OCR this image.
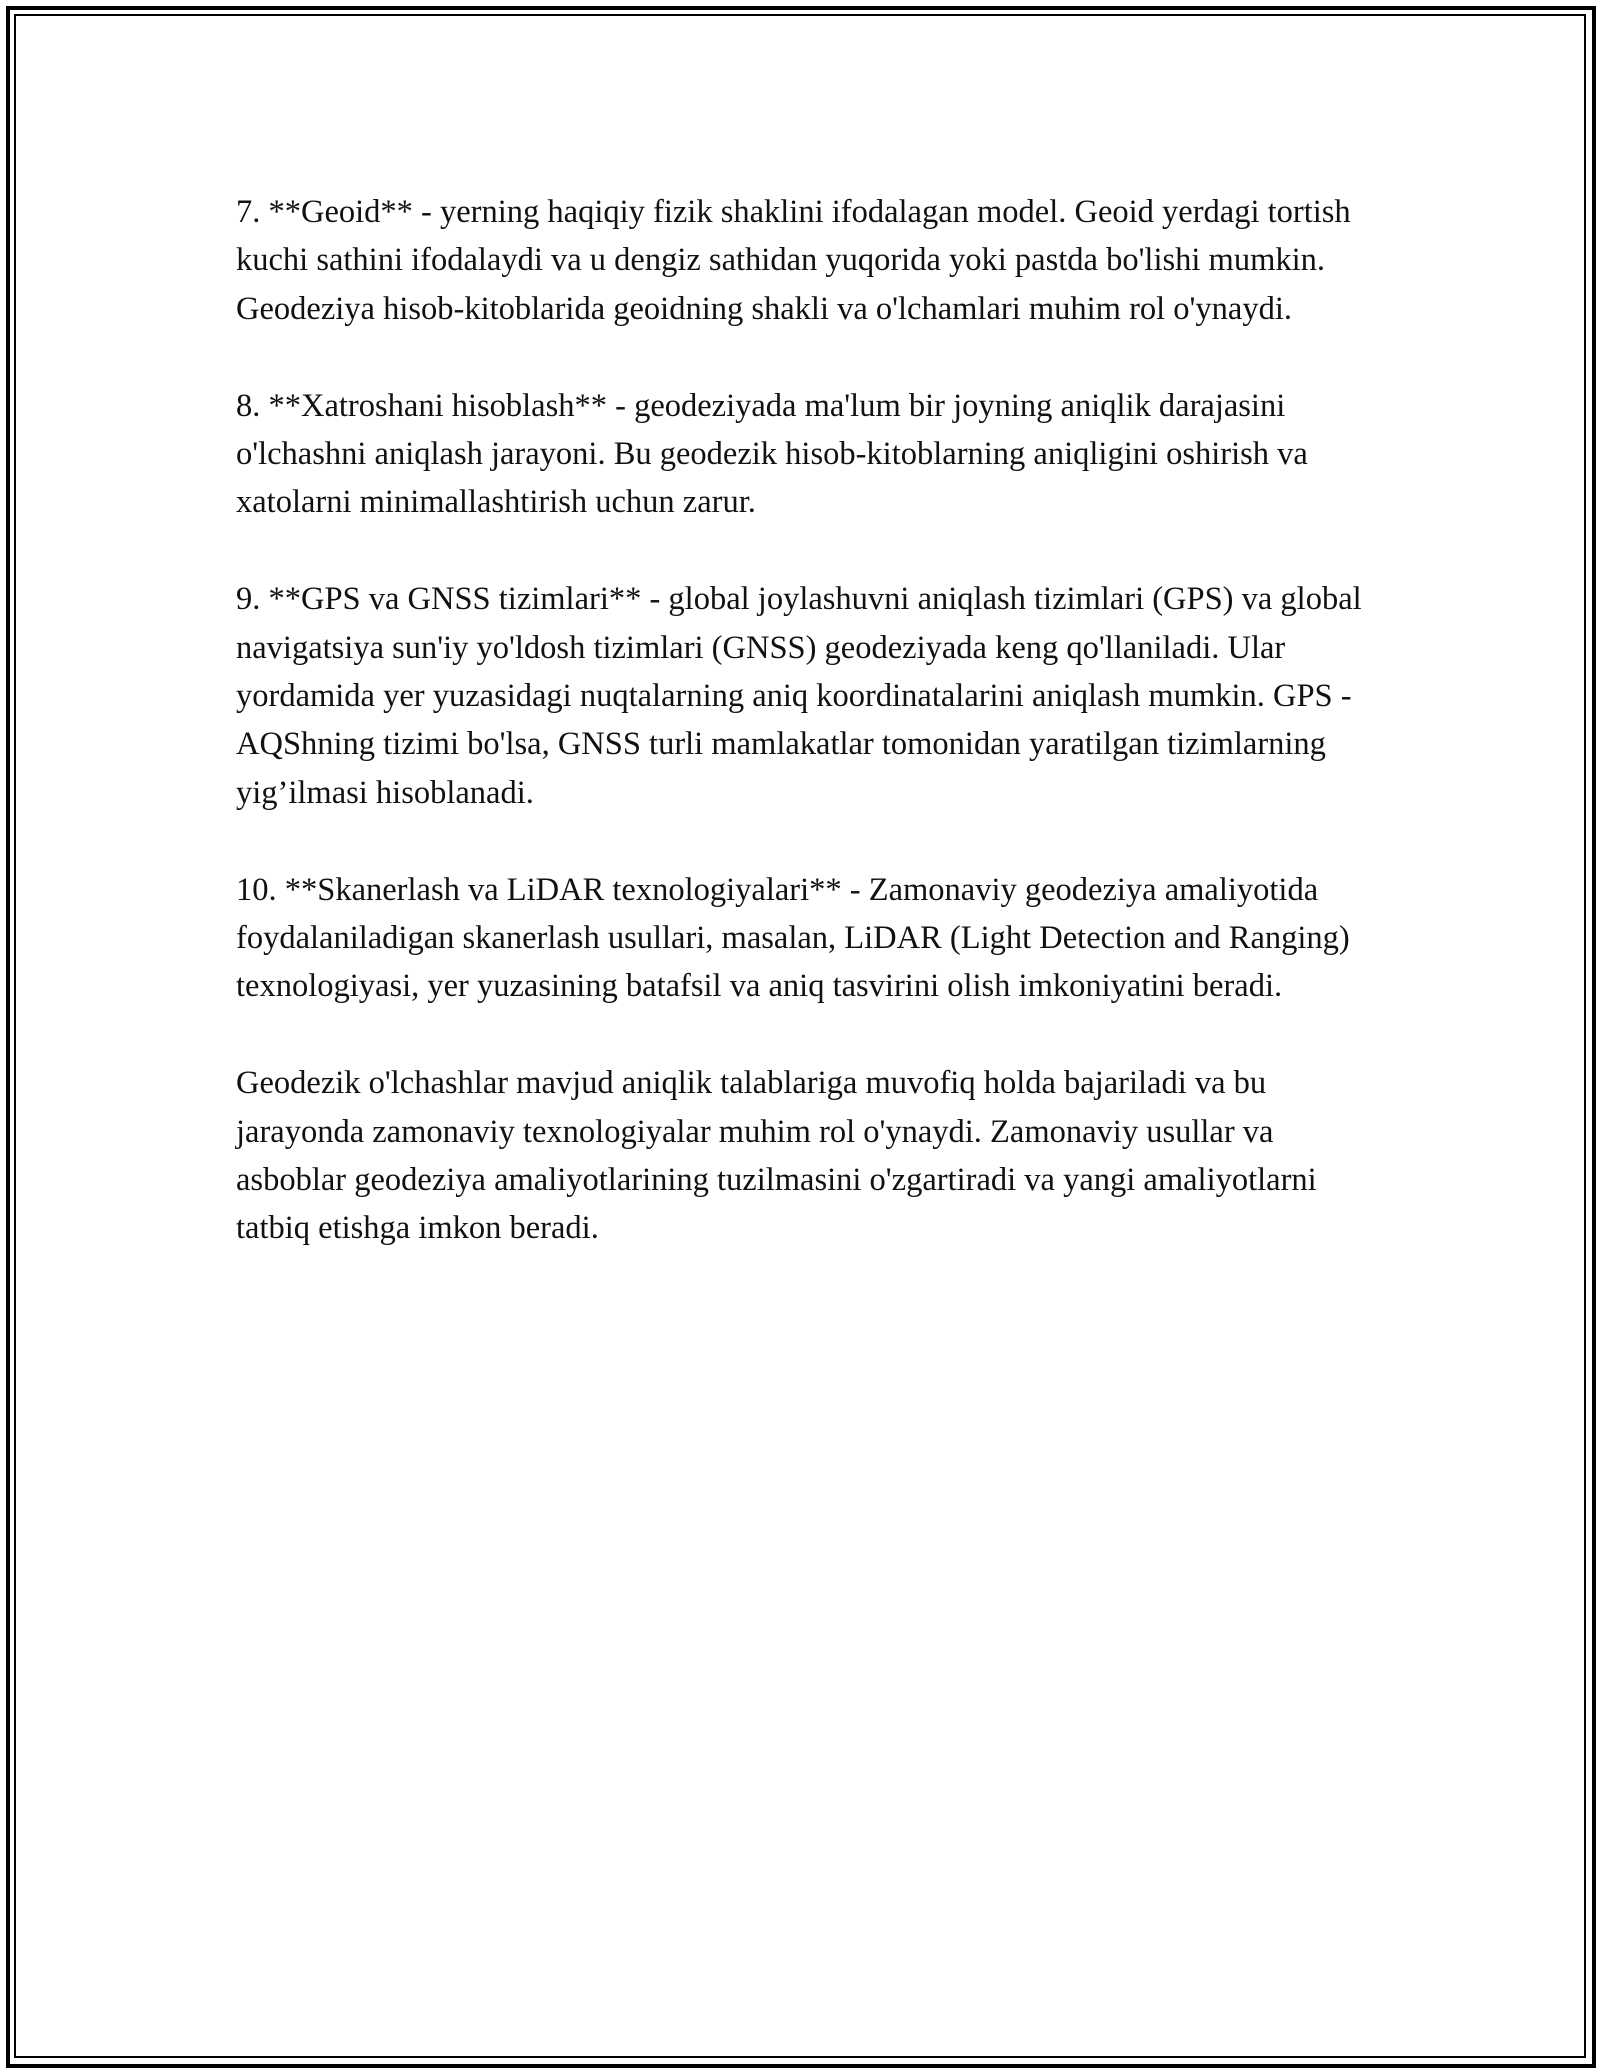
7. **Geoid** - yerning haqiqiy fizik shaklini ifodalagan model. Geoid yerdagi tortish kuchi sathini ifodalaydi va u dengiz sathidan yuqorida yoki pastda bo'lishi mumkin. Geodeziya hisob-kitoblarida geoidning shakli va o'lchamlari muhim rol o'ynaydi.

8. **Xatroshani hisoblash** - geodeziyada ma'lum bir joyning aniqlik darajasini o'lchashni aniqlash jarayoni. Bu geodezik hisob-kitoblarning aniqligini oshirish va xatolarni minimallashtirish uchun zarur.

9. **GPS va GNSS tizimlari** - global joylashuvni aniqlash tizimlari (GPS) va global navigatsiya sun'iy yo'ldosh tizimlari (GNSS) geodeziyada keng qo'llaniladi. Ular yordamida yer yuzasidagi nuqtalarning aniq koordinatalarini aniqlash mumkin. GPS - AQShning tizimi bo'lsa, GNSS turli mamlakatlar tomonidan yaratilgan tizimlarning yig’ilmasi hisoblanadi.

10. **Skanerlash va LiDAR texnologiyalari** - Zamonaviy geodeziya amaliyotida foydalaniladigan skanerlash usullari, masalan, LiDAR (Light Detection and Ranging) texnologiyasi, yer yuzasining batafsil va aniq tasvirini olish imkoniyatini beradi.

Geodezik o'lchashlar mavjud aniqlik talablariga muvofiq holda bajariladi va bu jarayonda zamonaviy texnologiyalar muhim rol o'ynaydi. Zamonaviy usullar va asboblar geodeziya amaliyotlarining tuzilmasini o'zgartiradi va yangi amaliyotlarni tatbiq etishga imkon beradi.
